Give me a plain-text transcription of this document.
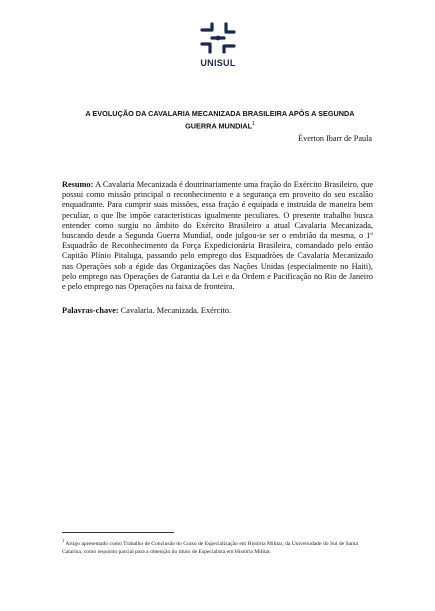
UNISUL
A EVOLUÇÃO DA CAVALARIA MECANIZADA BRASILEIRA APÓS A SEGUNDA GUERRA MUNDIAL$^1$
Éverton Ibarr de Paula

Resumo: A Cavalaria Mecanizada é doutrinariamente uma fração do Exército Brasileiro, que possui como missão principal o reconhecimento e a segurança em proveito do seu escalão enquadrante. Para cumprir suas missões, essa fração é equipada e instruída de maneira bem peculiar, o que lhe impõe características igualmente peculiares. O presente trabalho busca entender como surgiu no âmbito do Exército Brasileiro a atual Cavalaria Mecanizada, buscando desde a Segunda Guerra Mundial, onde julgou-se ser o embrião da mesma, o 1º Esquadrão de Reconhecimento da Força Expedicionária Brasileira, comandado pelo então Capitão Plínio Pitaluga, passando pelo emprego dos Esquadrões de Cavalaria Mecanizado nas Operações sob a égide das Organizações das Nações Unidas (especialmente no Haiti), pelo emprego nas Operações de Garantia da Lei e da Ordem e Pacificação no Rio de Janeiro e pelo emprego nas Operações na faixa de fronteira.

Palavras-chave: Cavalaria. Mecanizada. Exército.

$^1$ Artigo apresentado como Trabalho de Conclusão do Curso de Especialização em História Militar, da Universidade do Sul de Santa Catarina, como requisito parcial para a obtenção do título de Especialista em História Militar.
